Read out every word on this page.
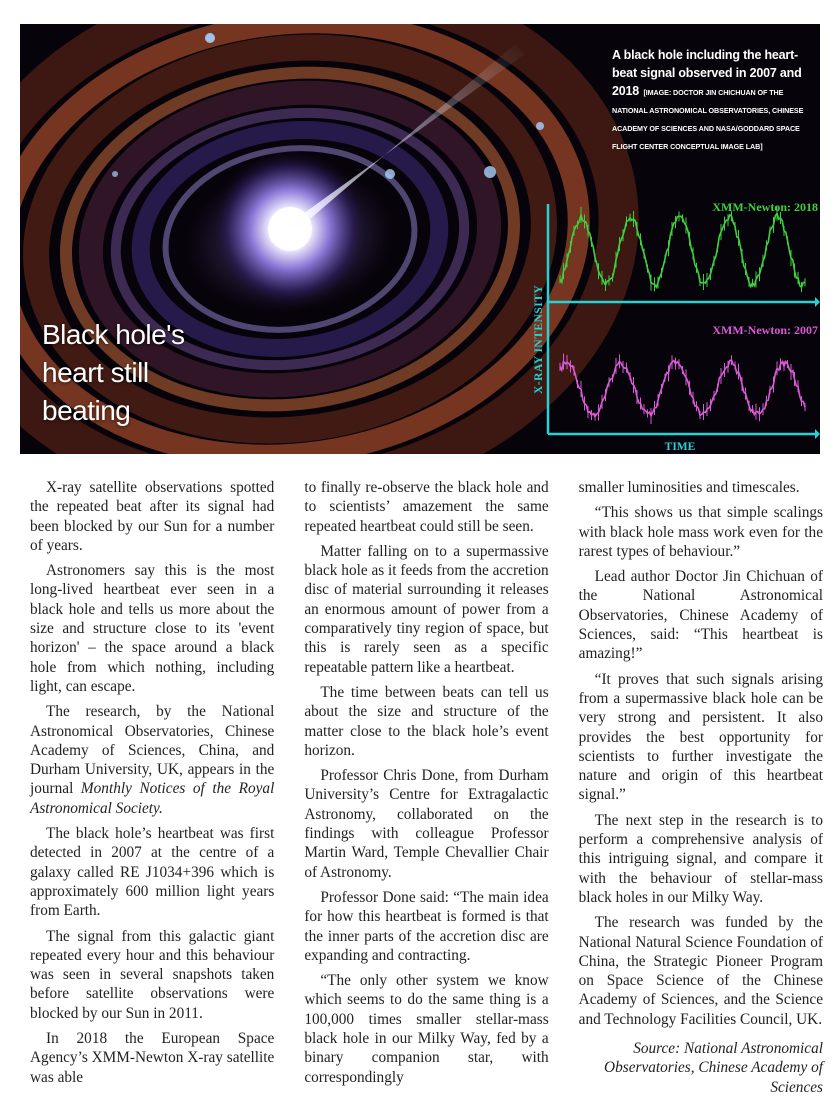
Black hole's
heart still
beating
A black hole including the heart-beat signal observed in 2007 and 2018 [IMAGE: DOCTOR JIN CHICHUAN OF THE NATIONAL ASTRONOMICAL OBSERVATORIES, CHINESE ACADEMY OF SCIENCES AND NASA/GODDARD SPACE FLIGHT CENTER CONCEPTUAL IMAGE LAB]
X-RAY INTENSITY
TIME
XMM-Newton: 2018
XMM-Newton: 2007

X-ray satellite observations spotted the repeated beat after its signal had been blocked by our Sun for a number of years.

Astronomers say this is the most long-lived heartbeat ever seen in a black hole and tells us more about the size and structure close to its 'event horizon' – the space around a black hole from which nothing, including light, can escape.

The research, by the National Astronomical Observatories, Chinese Academy of Sciences, China, and Durham University, UK, appears in the journal Monthly Notices of the Royal Astronomical Society.

The black hole’s heartbeat was first detected in 2007 at the centre of a galaxy called RE J1034+396 which is approximately 600 million light years from Earth.

The signal from this galactic giant repeated every hour and this behaviour was seen in several snapshots taken before satellite observations were blocked by our Sun in 2011.

In 2018 the European Space Agency’s XMM-Newton X-ray satellite was able

to finally re-observe the black hole and to scientists’ amazement the same repeated heartbeat could still be seen.

Matter falling on to a supermassive black hole as it feeds from the accretion disc of material surrounding it releases an enormous amount of power from a comparatively tiny region of space, but this is rarely seen as a specific repeatable pattern like a heartbeat.

The time between beats can tell us about the size and structure of the matter close to the black hole’s event horizon.

Professor Chris Done, from Durham University’s Centre for Extragalactic Astronomy, collaborated on the findings with colleague Professor Martin Ward, Temple Chevallier Chair of Astronomy.

Professor Done said: “The main idea for how this heartbeat is formed is that the inner parts of the accretion disc are expanding and contracting.

“The only other system we know which seems to do the same thing is a 100,000 times smaller stellar-mass black hole in our Milky Way, fed by a binary companion star, with correspondingly

smaller luminosities and timescales.

“This shows us that simple scalings with black hole mass work even for the rarest types of behaviour.”

Lead author Doctor Jin Chichuan of the National Astronomical Observatories, Chinese Academy of Sciences, said: “This heartbeat is amazing!”

“It proves that such signals arising from a supermassive black hole can be very strong and persistent. It also provides the best opportunity for scientists to further investigate the nature and origin of this heartbeat signal.”

The next step in the research is to perform a comprehensive analysis of this intriguing signal, and compare it with the behaviour of stellar-mass black holes in our Milky Way.

The research was funded by the National Natural Science Foundation of China, the Strategic Pioneer Program on Space Science of the Chinese Academy of Sciences, and the Science and Technology Facilities Council, UK.

Source: National Astronomical Observatories, Chinese Academy of Sciences
